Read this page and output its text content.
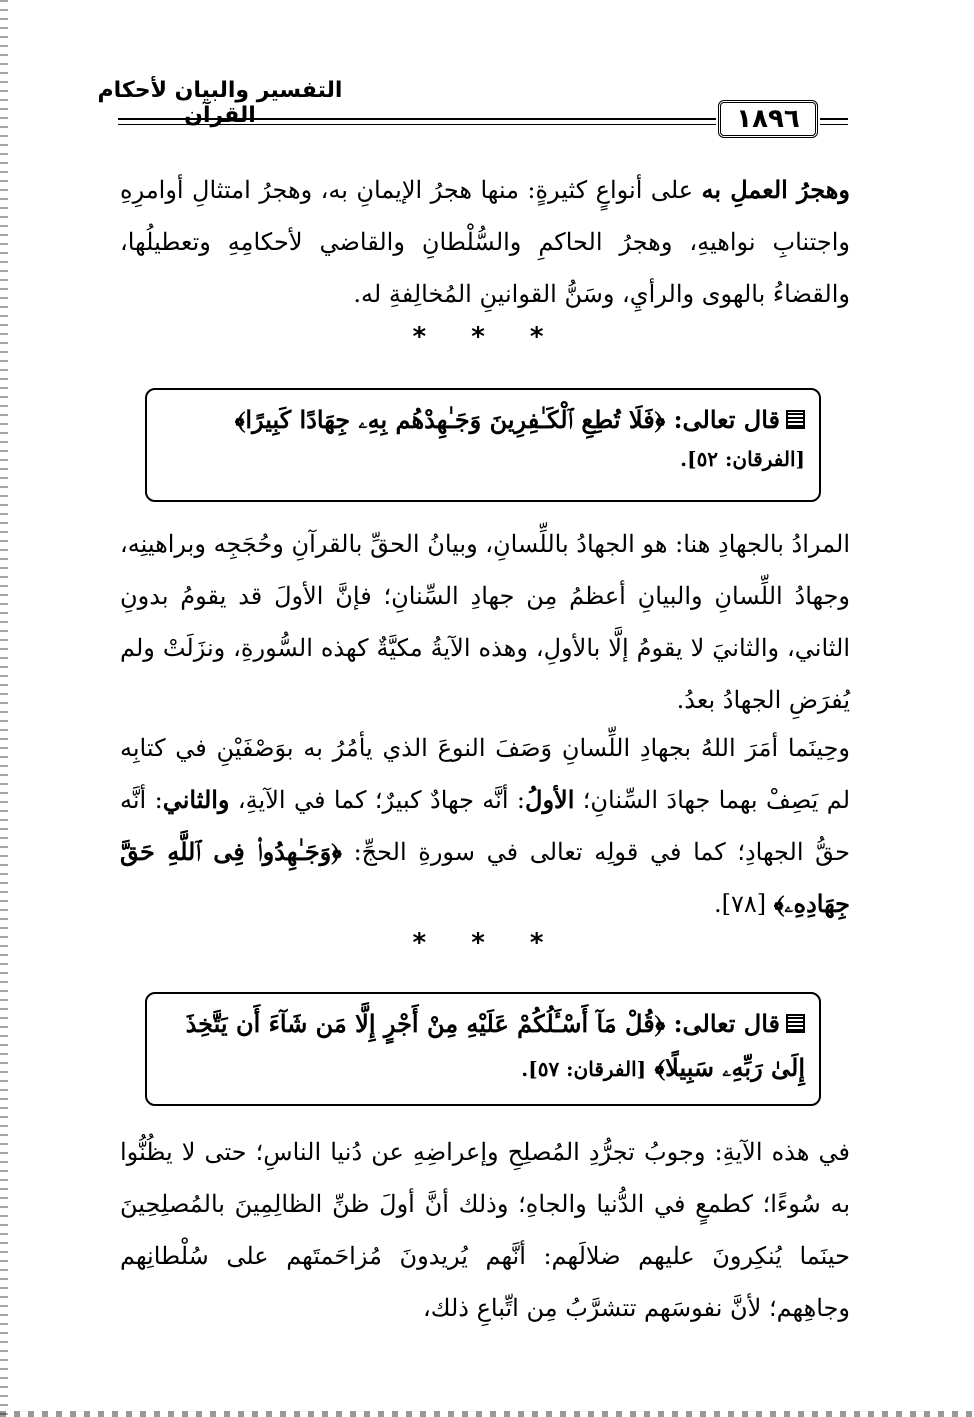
التفسير والبيان لأحكام القرآن	١٨٩٦
وهجرُ العملِ به على أنواعٍ كثيرةٍ: منها هجرُ الإيمانِ به، وهجرُ امتثالِ أوامرِهِ واجتنابِ نواهيهِ، وهجرُ الحاكمِ والسُّلْطانِ والقاضي لأحكامِهِ وتعطيلُها، والقضاءُ بالهوى والرأيِ، وسَنُّ القوانينِ المُخالِفةِ له.
* * *
قال تعالى: ﴿فَلَا تُطِعِ ٱلْكَـٰفِرِينَ وَجَـٰهِدْهُم بِهِۦ جِهَادًا كَبِيرًا﴾
[الفرقان: ٥٢].
المرادُ بالجهادِ هنا: هو الجهادُ باللِّسانِ، وبيانُ الحقِّ بالقرآنِ وحُجَجِه وبراهينِه، وجهادُ اللِّسانِ والبيانِ أعظمُ مِن جهادِ السِّنانِ؛ فإنَّ الأولَ قد يقومُ بدونِ الثاني، والثانيَ لا يقومُ إلَّا بالأولِ، وهذه الآيةُ مكيَّةٌ كهذه السُّورةِ، ونزَلَتْ ولم يُفرَضِ الجهادُ بعدُ.
وحِينَما أمَرَ اللهُ بجهادِ اللِّسانِ وَصَفَ النوعَ الذي يأمُرُ به بوَصْفَيْنِ في كتابِه لم يَصِفْ بهما جهادَ السِّنانِ؛ الأولُ: أنَّه جهادٌ كبيرٌ؛ كما في الآيةِ، والثاني: أنَّه حقُّ الجهادِ؛ كما في قولِه تعالى في سورةِ الحجِّ: ﴿وَجَـٰهِدُوا۟ فِى ٱللَّهِ حَقَّ جِهَادِهِۦ﴾ [٧٨].
* * *
قال تعالى: ﴿قُلْ مَآ أَسْـَٔلُكُمْ عَلَيْهِ مِنْ أَجْرٍ إِلَّا مَن شَآءَ أَن يَتَّخِذَ إِلَىٰ رَبِّهِۦ سَبِيلًا﴾ [الفرقان: ٥٧].
في هذه الآيةِ: وجوبُ تجرُّدِ المُصلِحِ وإعراضِهِ عن دُنيا الناسِ؛ حتى لا يظُنُّوا به سُوءًا؛ كطمعٍ في الدُّنيا والجاهِ؛ وذلك أنَّ أولَ ظنِّ الظالِمِينَ بالمُصلِحِينَ حينَما يُنكِرونَ عليهم ضلالَهم: أنَّهم يُريدونَ مُزاحَمتَهم على سُلْطانِهم وجاهِهم؛ لأنَّ نفوسَهم تتشرَّبُ مِن اتِّباعِ ذلك،
